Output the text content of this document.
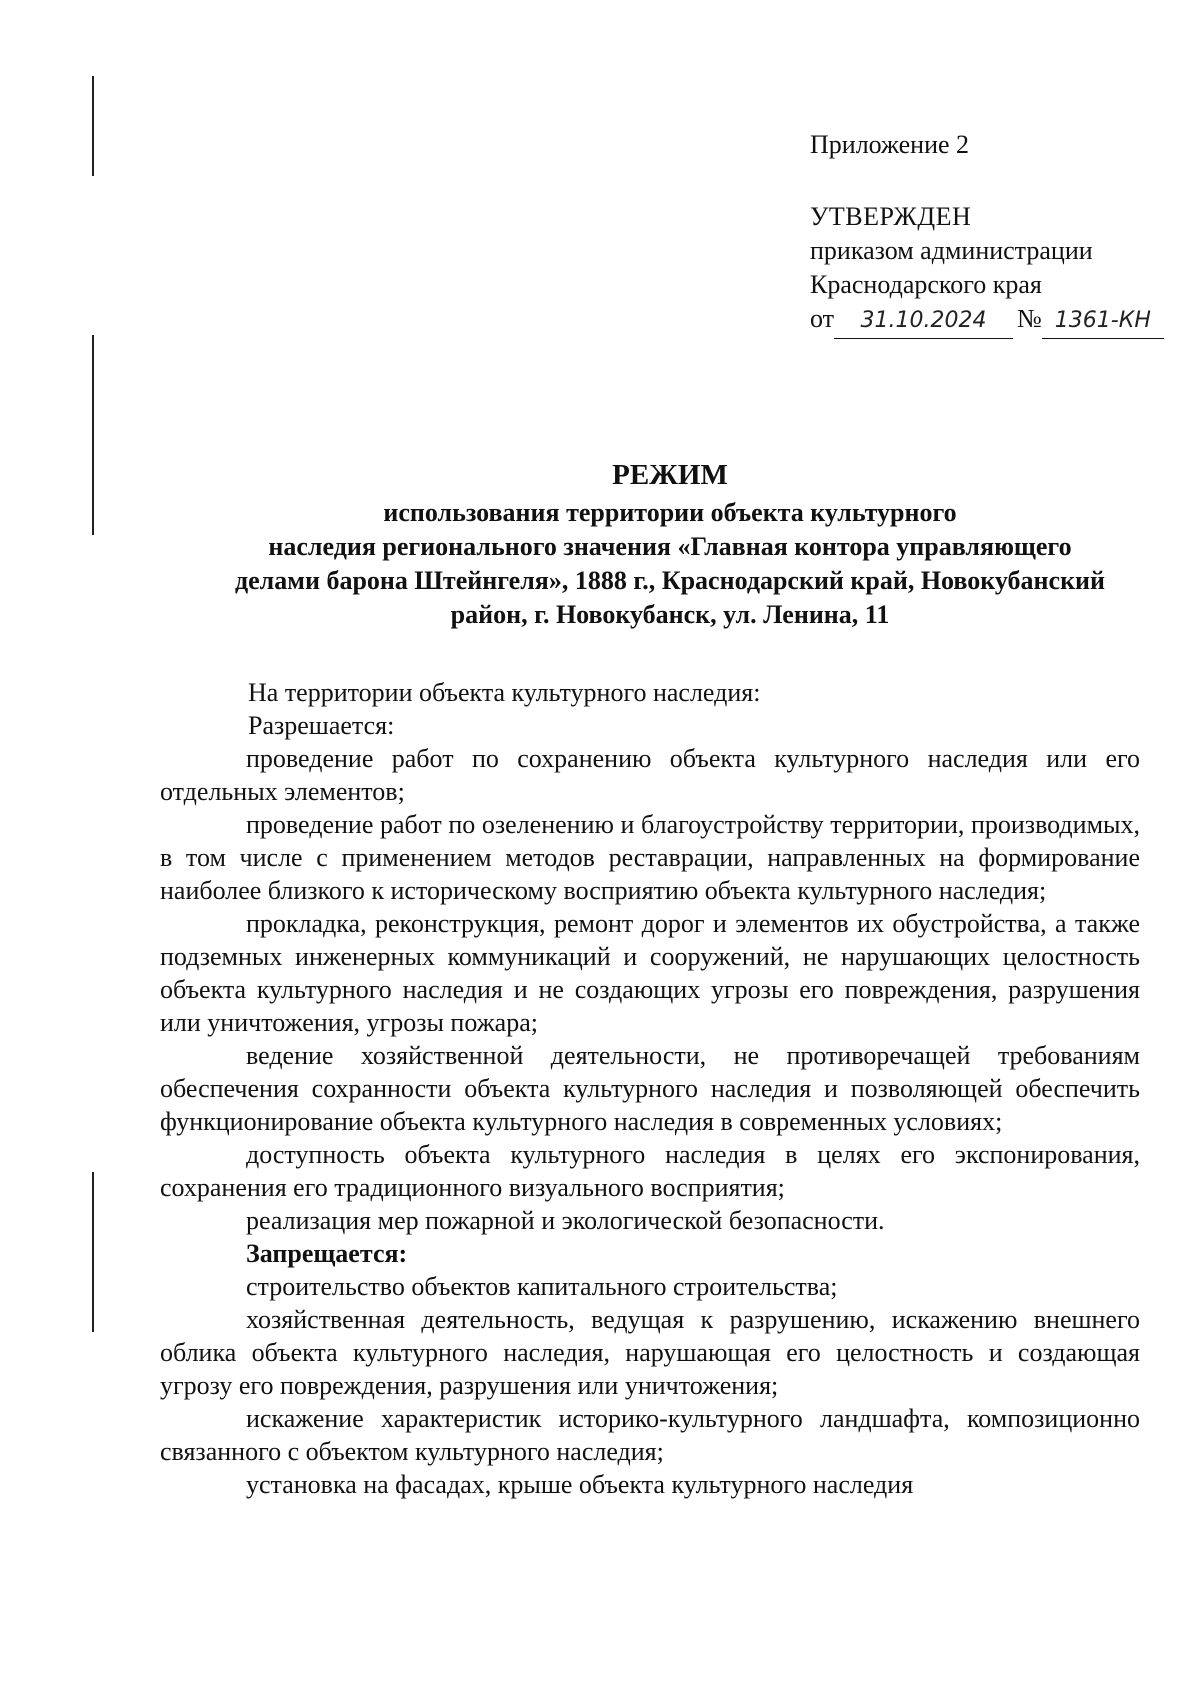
Приложение 2
УТВЕРЖДЕН
приказом администрации
Краснодарского края
от	31.10.2024	№ 1361-КН
РЕЖИМ
использования территории объекта культурного
наследия регионального значения «Главная контора управляющего
делами барона Штейнгеля», 1888 г., Краснодарский край, Новокубанский
район, г. Новокубанск, ул. Ленина, 11

На территории объекта культурного наследия:

Разрешается:

проведение работ по сохранению объекта культурного наследия или его отдельных элементов;

проведение работ по озеленению и благоустройству территории, производимых, в том числе с применением методов реставрации, направленных на формирование наиболее близкого к историческому восприятию объекта культурного наследия;

прокладка, реконструкция, ремонт дорог и элементов их обустройства, а также подземных инженерных коммуникаций и сооружений, не нарушающих целостность объекта культурного наследия и не создающих угрозы его повреждения, разрушения или уничтожения, угрозы пожара;

ведение хозяйственной деятельности, не противоречащей требованиям обеспечения сохранности объекта культурного наследия и позволяющей обеспечить функционирование объекта культурного наследия в современных условиях;

доступность объекта культурного наследия в целях его экспонирования, сохранения его традиционного визуального восприятия;

реализация мер пожарной и экологической безопасности.

Запрещается:

строительство объектов капитального строительства;

хозяйственная деятельность, ведущая к разрушению, искажению внешнего облика объекта культурного наследия, нарушающая его целостность и создающая угрозу его повреждения, разрушения или уничтожения;

искажение характеристик историко-культурного ландшафта, композиционно связанного с объектом культурного наследия;

установка на фасадах, крыше объекта культурного наследия
